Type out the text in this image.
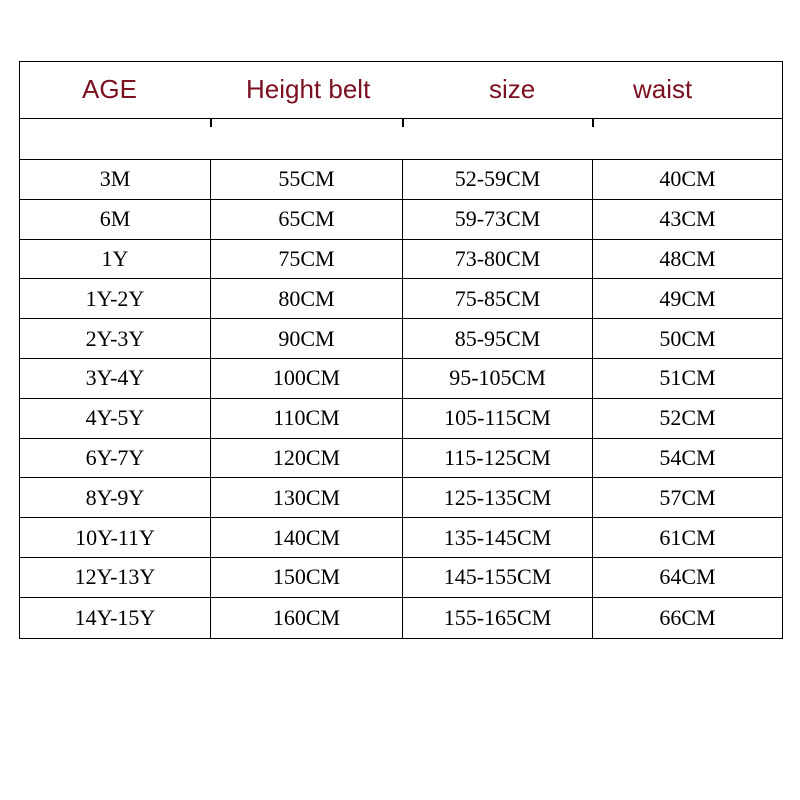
AGE	Height belt	size	waist
3M	55CM	52-59CM	40CM
6M	65CM	59-73CM	43CM
1Y	75CM	73-80CM	48CM
1Y-2Y	80CM	75-85CM	49CM
2Y-3Y	90CM	85-95CM	50CM
3Y-4Y	100CM	95-105CM	51CM
4Y-5Y	110CM	105-115CM	52CM
6Y-7Y	120CM	115-125CM	54CM
8Y-9Y	130CM	125-135CM	57CM
10Y-11Y	140CM	135-145CM	61CM
12Y-13Y	150CM	145-155CM	64CM
14Y-15Y	160CM	155-165CM	66CM
